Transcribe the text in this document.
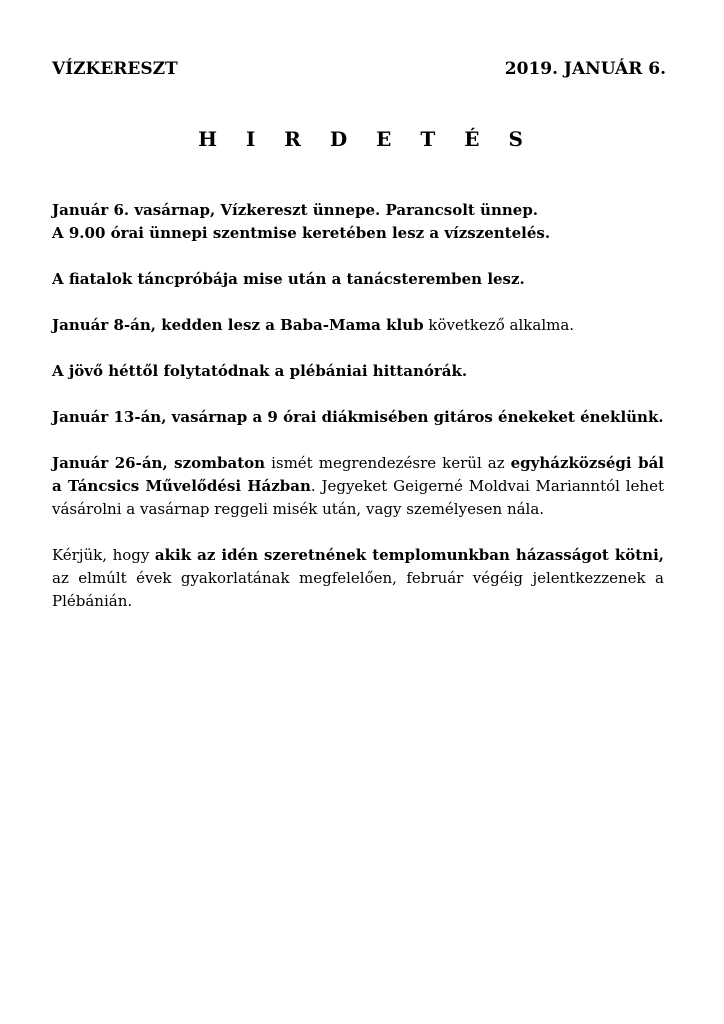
VÍZKERESZT	2019. JANUÁR 6.
H I R D E T É S

Január 6. vasárnap, Vízkereszt ünnepe. Parancsolt ünnep.
A 9.00 órai ünnepi szentmise keretében lesz a vízszentelés.

A fiatalok táncpróbája mise után a tanácsteremben lesz.

Január 8-án, kedden lesz a Baba-Mama klub következő alkalma.

A jövő héttől folytatódnak a plébániai hittanórák.

Január 13-án, vasárnap a 9 órai diákmisében gitáros énekeket éneklünk.

Január 26-án, szombaton ismét megrendezésre kerül az egyházközségi bál a Táncsics Művelődési Házban. Jegyeket Geigerné Moldvai Marianntól lehet vásárolni a vasárnap reggeli misék után, vagy személyesen nála.

Kérjük, hogy akik az idén szeretnének templomunkban házasságot kötni, az elmúlt évek gyakorlatának megfelelően, február végéig jelentkezzenek a Plébánián.
